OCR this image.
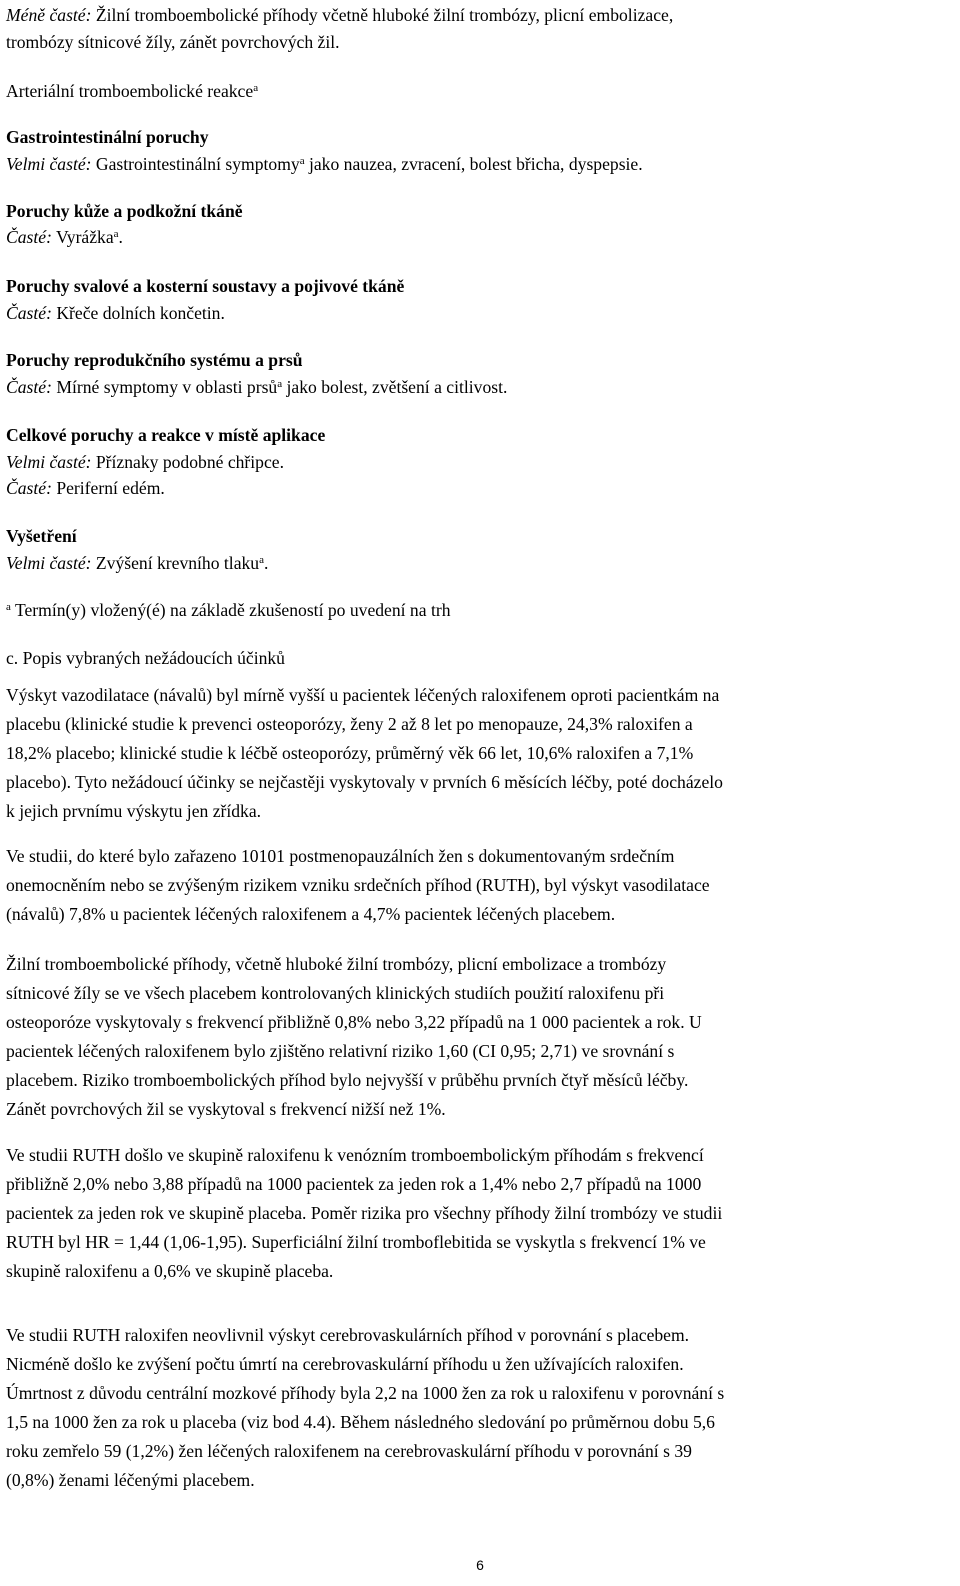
Méně časté: Žilní tromboembolické příhody včetně hluboké žilní trombózy, plicní embolizace,
trombózy sítnicové žíly, zánět povrchových žil.
Arteriální tromboembolické reakce$^a$
Gastrointestinální poruchy
Velmi časté: Gastrointestinální symptomy$^a$ jako nauzea, zvracení, bolest břicha, dyspepsie.
Poruchy kůže a podkožní tkáně
Časté: Vyrážka$^a$.
Poruchy svalové a kosterní soustavy a pojivové tkáně
Časté: Křeče dolních končetin.
Poruchy reprodukčního systému a prsů
Časté: Mírné symptomy v oblasti prsů$^a$ jako bolest, zvětšení a citlivost.
Celkové poruchy a reakce v místě aplikace
Velmi časté: Příznaky podobné chřipce.
Časté: Periferní edém.
Vyšetření
Velmi časté: Zvýšení krevního tlaku$^a$.
$^a$ Termín(y) vložený(é) na základě zkušeností po uvedení na trh
c. Popis vybraných nežádoucích účinků
Výskyt vazodilatace (návalů) byl mírně vyšší u pacientek léčených raloxifenem oproti pacientkám na
placebu (klinické studie k prevenci osteoporózy, ženy 2 až 8 let po menopauze, 24,3% raloxifen a
18,2% placebo; klinické studie k léčbě osteoporózy, průměrný věk 66 let, 10,6% raloxifen a 7,1%
placebo). Tyto nežádoucí účinky se nejčastěji vyskytovaly v prvních 6 měsících léčby, poté docházelo
k jejich prvnímu výskytu jen zřídka.
Ve studii, do které bylo zařazeno 10101 postmenopauzálních žen s dokumentovaným srdečním
onemocněním nebo se zvýšeným rizikem vzniku srdečních příhod (RUTH), byl výskyt vasodilatace
(návalů) 7,8% u pacientek léčených raloxifenem a 4,7% pacientek léčených placebem.
Žilní tromboembolické příhody, včetně hluboké žilní trombózy, plicní embolizace a trombózy
sítnicové žíly se ve všech placebem kontrolovaných klinických studiích použití raloxifenu při
osteoporóze vyskytovaly s frekvencí přibližně 0,8% nebo 3,22 případů na 1 000 pacientek a rok. U
pacientek léčených raloxifenem bylo zjištěno relativní riziko 1,60 (CI 0,95; 2,71) ve srovnání s
placebem. Riziko tromboembolických příhod bylo nejvyšší v průběhu prvních čtyř měsíců léčby.
Zánět povrchových žil se vyskytoval s frekvencí nižší než 1%.
Ve studii RUTH došlo ve skupině raloxifenu k venózním tromboembolickým příhodám s frekvencí
přibližně 2,0% nebo 3,88 případů na 1000 pacientek za jeden rok a 1,4% nebo 2,7 případů na 1000
pacientek za jeden rok ve skupině placeba. Poměr rizika pro všechny příhody žilní trombózy ve studii
RUTH byl HR = 1,44 (1,06-1,95). Superficiální žilní tromboflebitida se vyskytla s frekvencí 1% ve
skupině raloxifenu a 0,6% ve skupině placeba.
Ve studii RUTH raloxifen neovlivnil výskyt cerebrovaskulárních příhod v porovnání s placebem.
Nicméně došlo ke zvýšení počtu úmrtí na cerebrovaskulární příhodu u žen užívajících raloxifen.
Úmrtnost z důvodu centrální mozkové příhody byla 2,2 na 1000 žen za rok u raloxifenu v porovnání s
1,5 na 1000 žen za rok u placeba (viz bod 4.4). Během následného sledování po průměrnou dobu 5,6
roku zemřelo 59 (1,2%) žen léčených raloxifenem na cerebrovaskulární příhodu v porovnání s 39
(0,8%) ženami léčenými placebem.
6
